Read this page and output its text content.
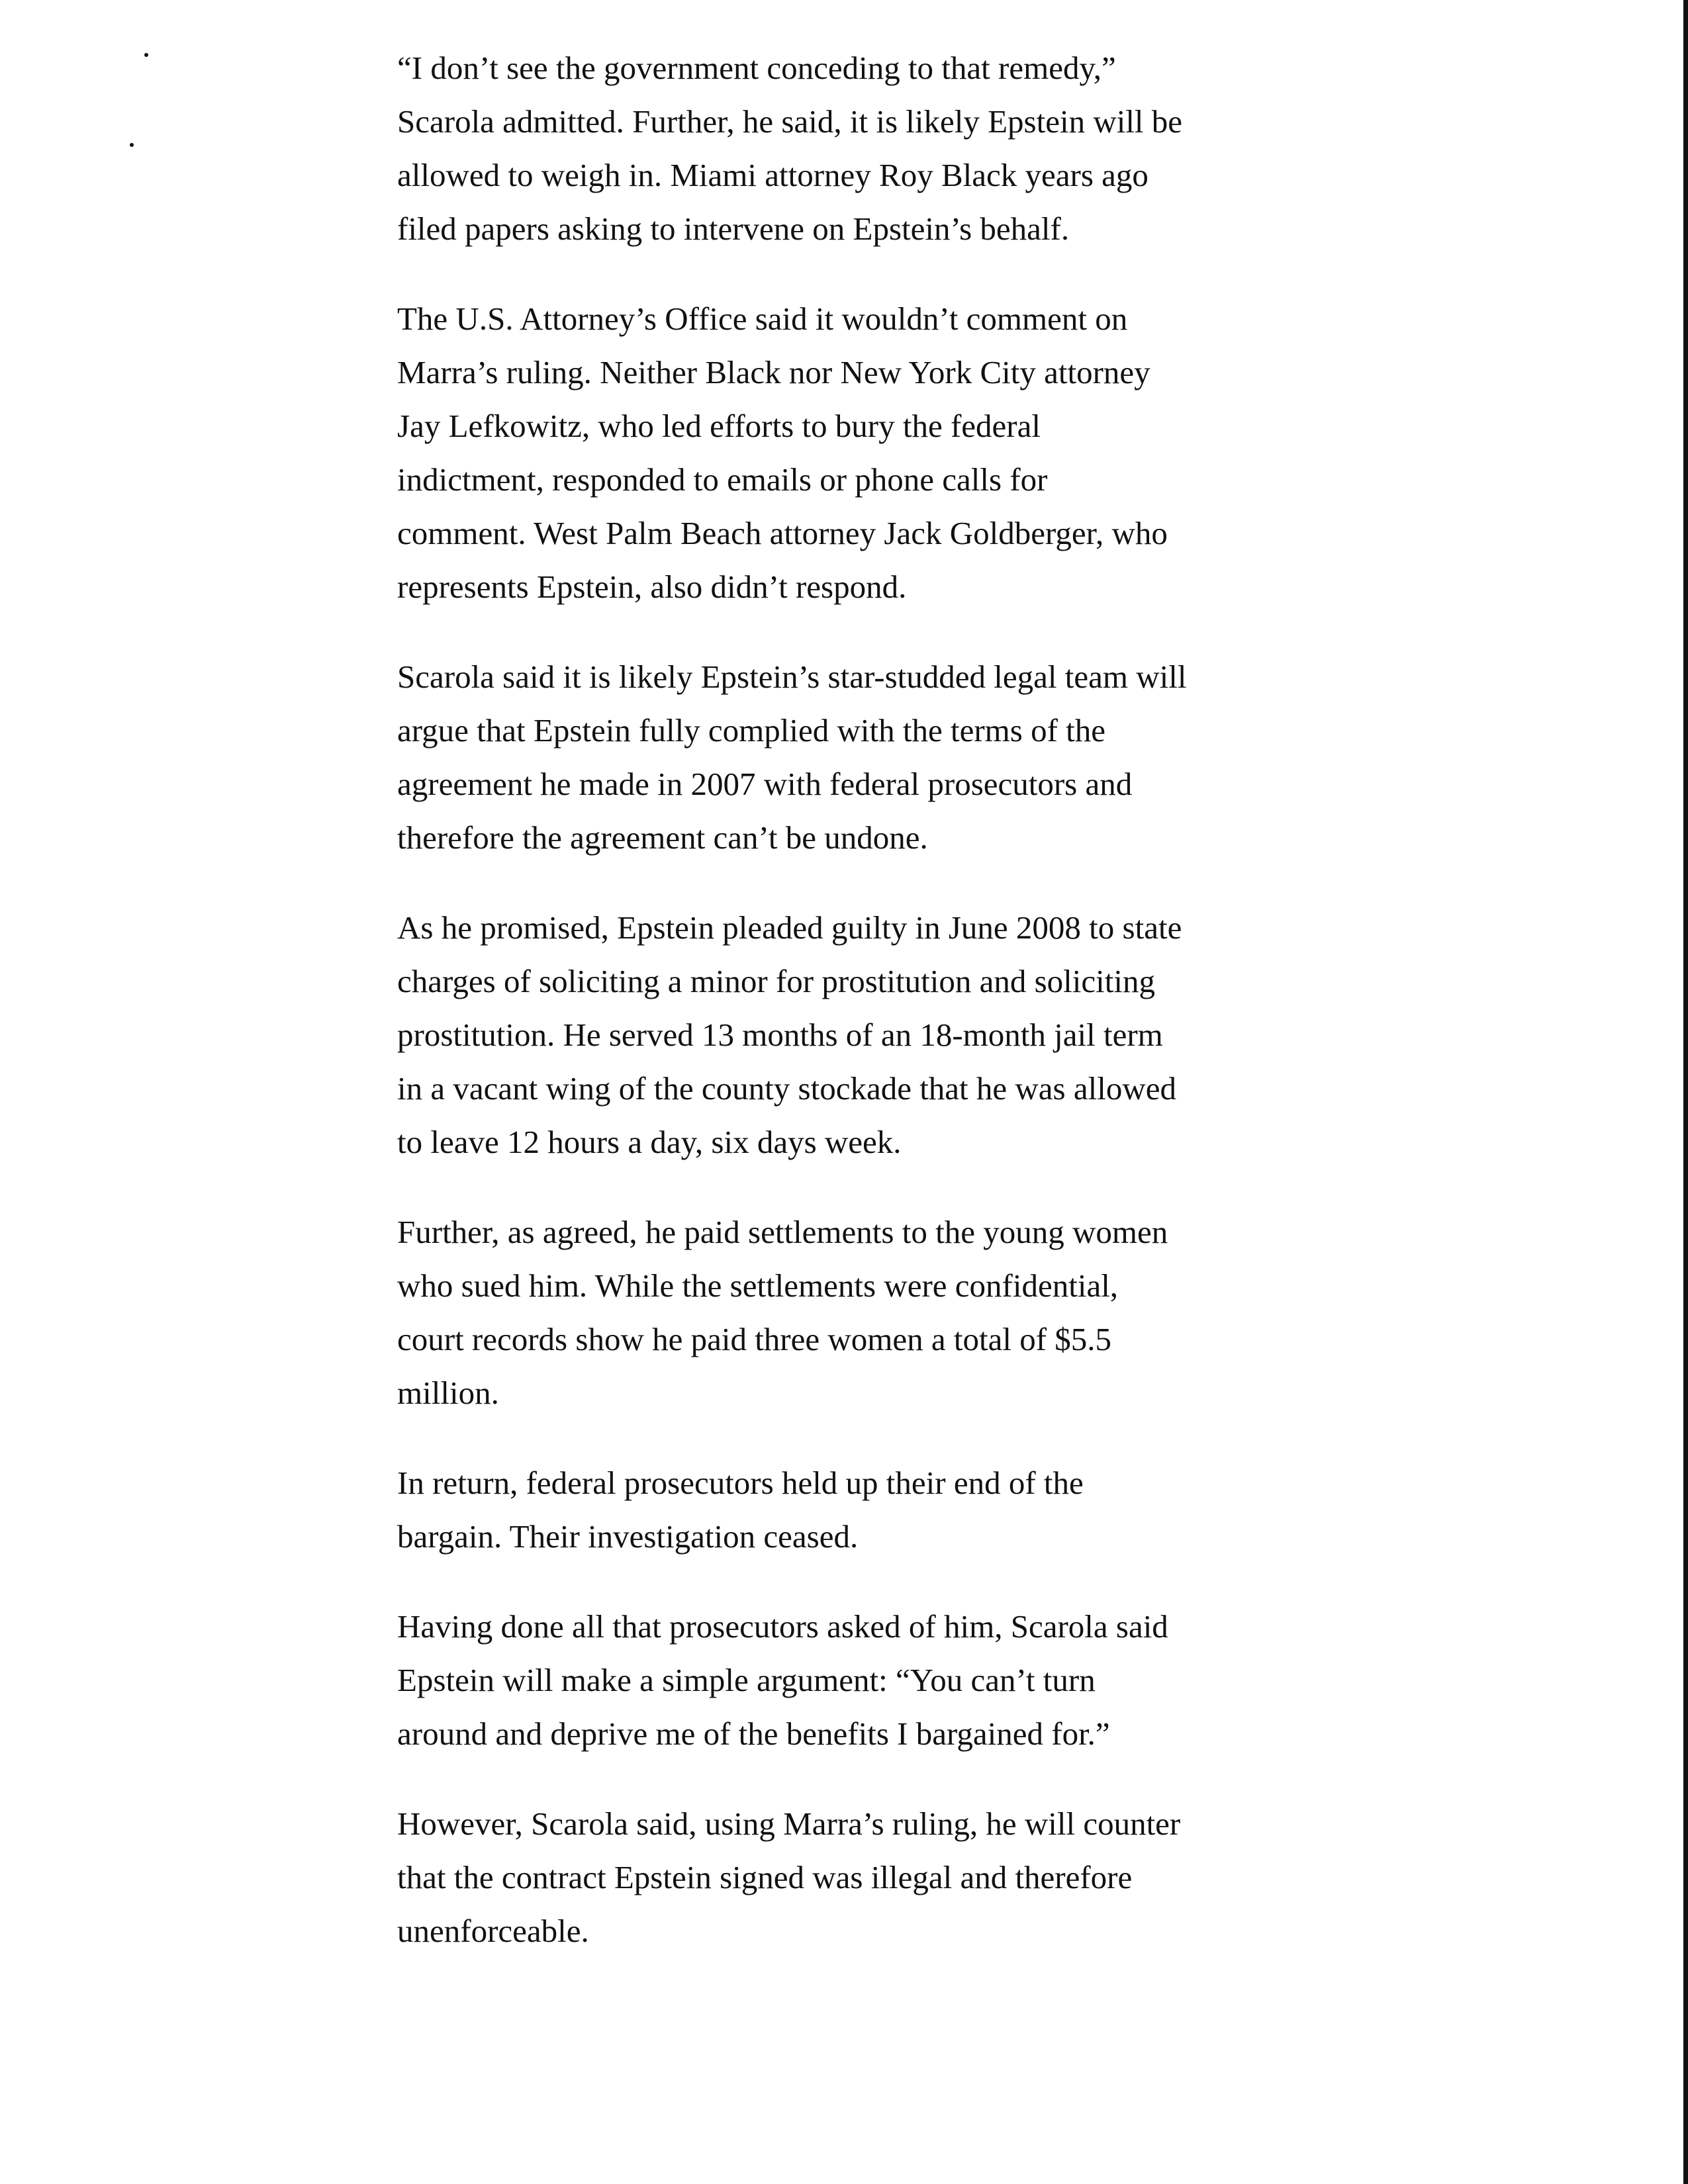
“I don’t see the government conceding to that remedy,”
Scarola admitted. Further, he said, it is likely Epstein will be
allowed to weigh in. Miami attorney Roy Black years ago
filed papers asking to intervene on Epstein’s behalf.

The U.S. Attorney’s Office said it wouldn’t comment on
Marra’s ruling. Neither Black nor New York City attorney
Jay Lefkowitz, who led efforts to bury the federal
indictment, responded to emails or phone calls for
comment. West Palm Beach attorney Jack Goldberger, who
represents Epstein, also didn’t respond.

Scarola said it is likely Epstein’s star-studded legal team will
argue that Epstein fully complied with the terms of the
agreement he made in 2007 with federal prosecutors and
therefore the agreement can’t be undone.

As he promised, Epstein pleaded guilty in June 2008 to state
charges of soliciting a minor for prostitution and soliciting
prostitution. He served 13 months of an 18-month jail term
in a vacant wing of the county stockade that he was allowed
to leave 12 hours a day, six days week.

Further, as agreed, he paid settlements to the young women
who sued him. While the settlements were confidential,
court records show he paid three women a total of $5.5
million.

In return, federal prosecutors held up their end of the
bargain. Their investigation ceased.

Having done all that prosecutors asked of him, Scarola said
Epstein will make a simple argument: “You can’t turn
around and deprive me of the benefits I bargained for.”

However, Scarola said, using Marra’s ruling, he will counter
that the contract Epstein signed was illegal and therefore
unenforceable.
